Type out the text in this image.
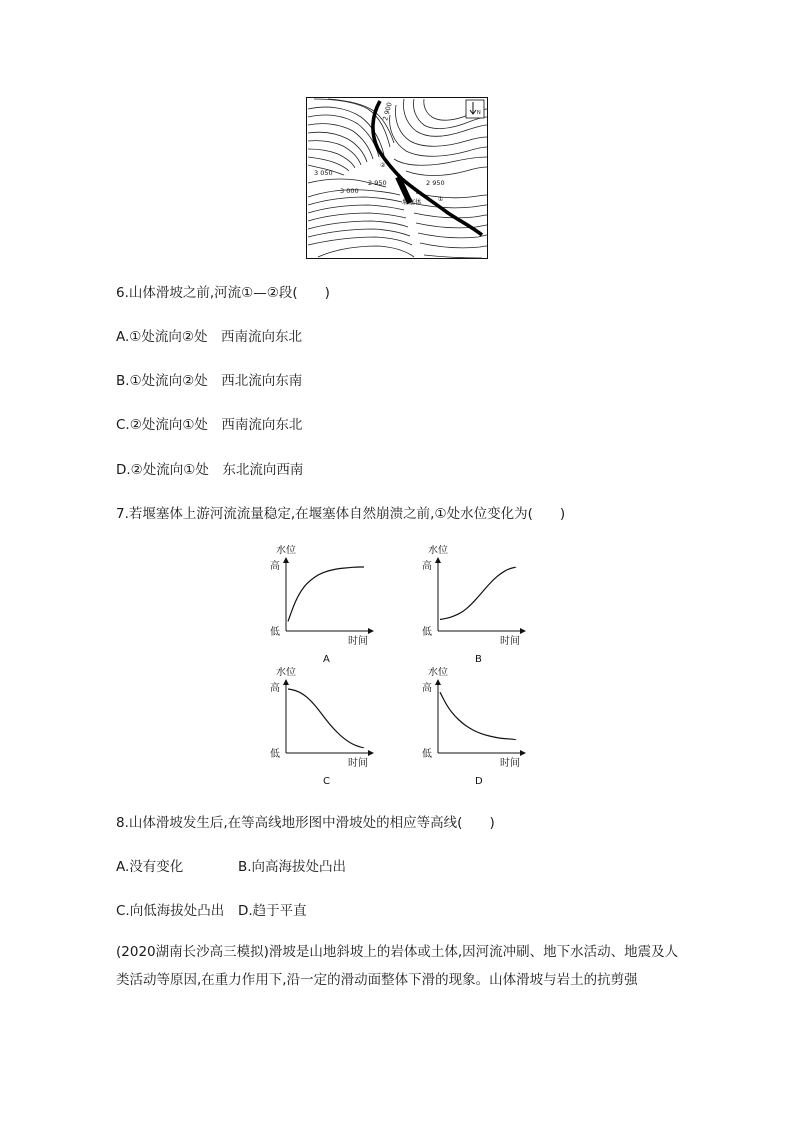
N
2 900
3 050
3 000
2 950	2 950
堰塞体
②
①
6.山体滑坡之前,河流①—②段(　　)
A.①处流向②处　西南流向东北
B.①处流向②处　西北流向东南
C.②处流向①处　西南流向东北
D.②处流向①处　东北流向西南
7.若堰塞体上游河流流量稳定,在堰塞体自然崩溃之前,①处水位变化为(　　)
水位
高
低
时间
A
水位
高
低
时间
B
水位
高
低
时间
C
水位
高
低
时间
D
8.山体滑坡发生后,在等高线地形图中滑坡处的相应等高线(　　)
A.没有变化	B.向高海拔处凸出
C.向低海拔处凸出 D.趋于平直
(2020湖南长沙高三模拟)滑坡是山地斜坡上的岩体或土体,因河流冲刷、地下水活动、地震及人类活动等原因,在重力作用下,沿一定的滑动面整体下滑的现象。山体滑坡与岩土的抗剪强
